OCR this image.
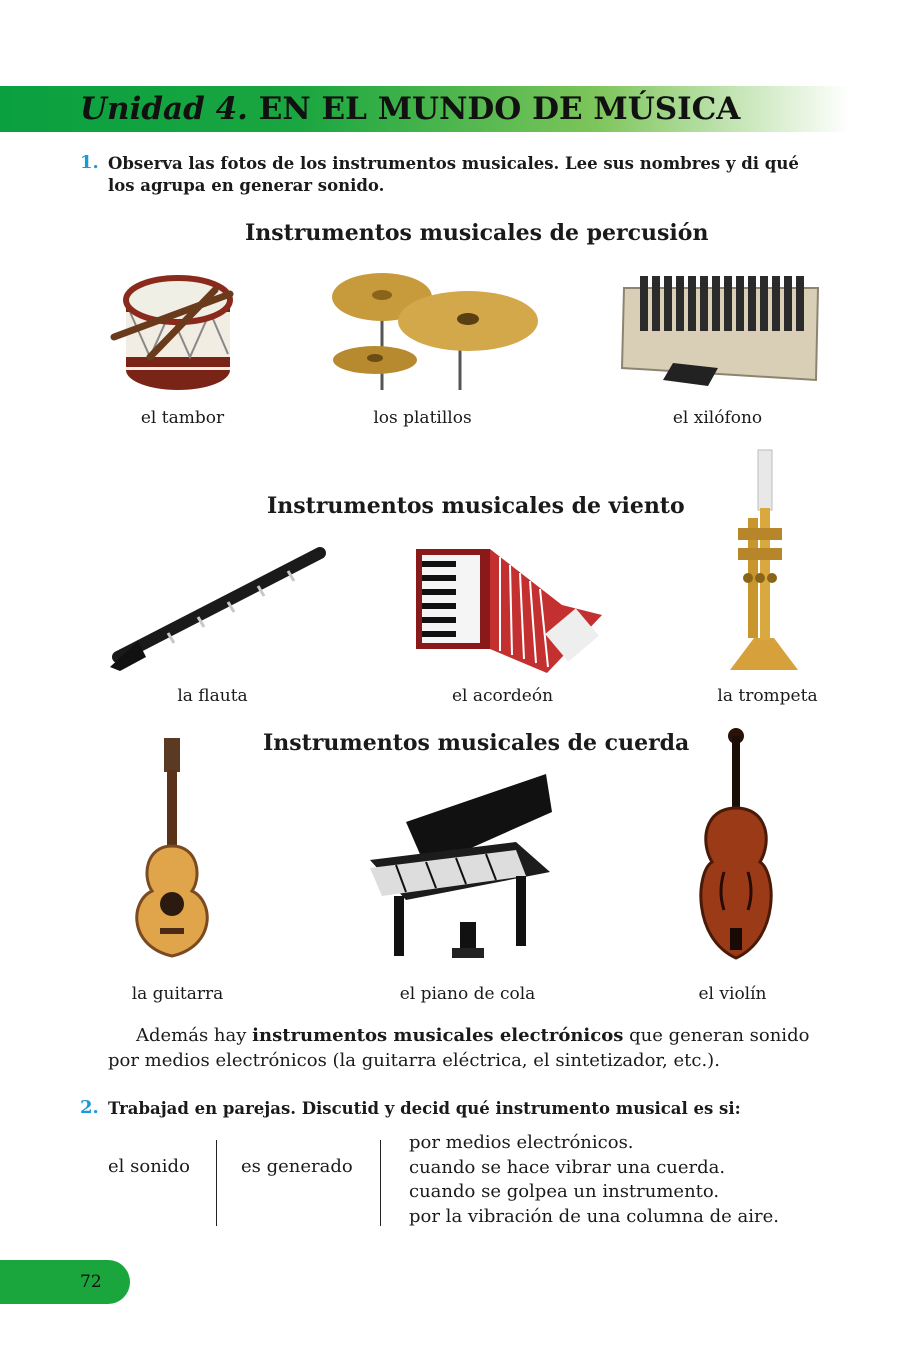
Unidad 4. EN EL MUNDO DE MÚSICA
1. Observa las fotos de los instrumentos musicales. Lee sus nombres y di qué
los agrupa en generar sonido.
Instrumentos musicales de percusión
el tambor	los platillos	el xilófono
Instrumentos musicales de viento
la flauta	el acordeón	la trompeta
Instrumentos musicales de cuerda
la guitarra	el piano de cola	el violín
Además hay instrumentos musicales electrónicos que generan sonido
por medios electrónicos (la guitarra eléctrica, el sintetizador, etc.).
2. Trabajad en parejas. Discutid y decid qué instrumento musical es si:
el sonido	es generado
por medios electrónicos.
cuando se hace vibrar una cuerda.
cuando se golpea un instrumento.
por la vibración de una columna de aire.
72
